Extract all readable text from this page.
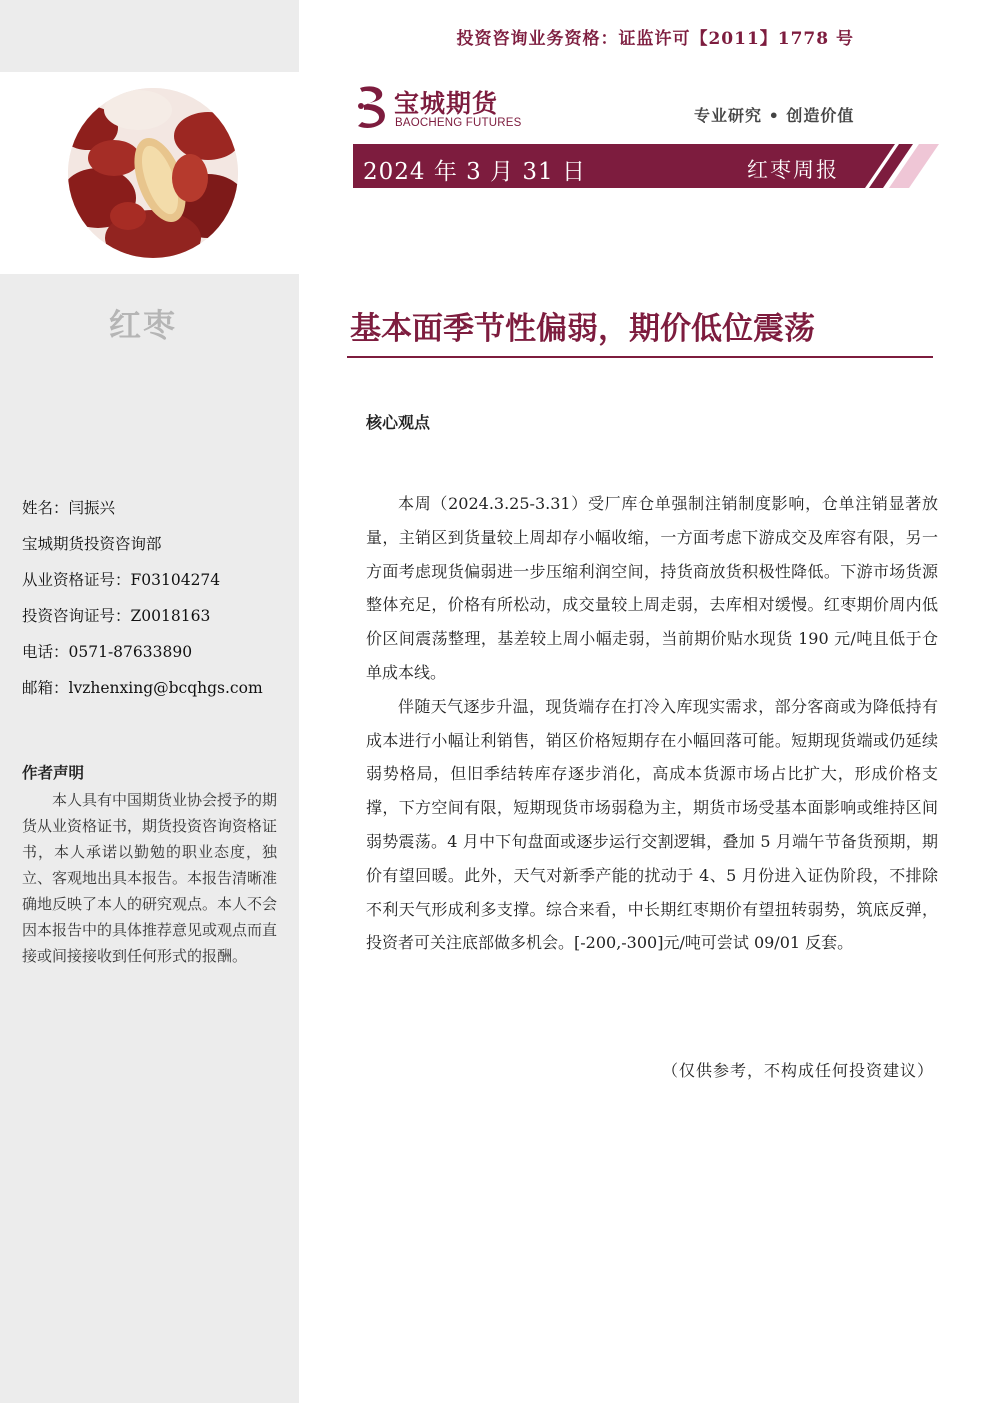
红枣
姓名：闫振兴
宝城期货投资咨询部
从业资格证号：F03104274
投资咨询证号：Z0018163
电话：0571-87633890
邮箱：lvzhenxing@bcqhgs.com
作者声明
本人具有中国期货业协会授予的期货从业资格证书，期货投资咨询资格证书，本人承诺以勤勉的职业态度，独立、客观地出具本报告。本报告清晰准确地反映了本人的研究观点。本人不会因本报告中的具体推荐意见或观点而直接或间接接收到任何形式的报酬。
投资咨询业务资格：证监许可【2011】1778 号
宝城期货
BAOCHENG FUTURES	专业研究 • 创造价值
2024 年 3 月 31 日	红枣周报
基本面季节性偏弱，期价低位震荡
核心观点

本周（2024.3.25-3.31）受厂库仓单强制注销制度影响，仓单注销显著放量，主销区到货量较上周却存小幅收缩，一方面考虑下游成交及库容有限，另一方面考虑现货偏弱进一步压缩利润空间，持货商放货积极性降低。下游市场货源整体充足，价格有所松动，成交量较上周走弱，去库相对缓慢。红枣期价周内低价区间震荡整理，基差较上周小幅走弱，当前期价贴水现货 190 元/吨且低于仓单成本线。

伴随天气逐步升温，现货端存在打冷入库现实需求，部分客商或为降低持有成本进行小幅让利销售，销区价格短期存在小幅回落可能。短期现货端或仍延续弱势格局，但旧季结转库存逐步消化，高成本货源市场占比扩大，形成价格支撑，下方空间有限，短期现货市场弱稳为主，期货市场受基本面影响或维持区间弱势震荡。4 月中下旬盘面或逐步运行交割逻辑，叠加 5 月端午节备货预期，期价有望回暖。此外，天气对新季产能的扰动于 4、5 月份进入证伪阶段，不排除不利天气形成利多支撑。综合来看，中长期红枣期价有望扭转弱势，筑底反弹，投资者可关注底部做多机会。[-200,-300]元/吨可尝试 09/01 反套。

（仅供参考，不构成任何投资建议）
